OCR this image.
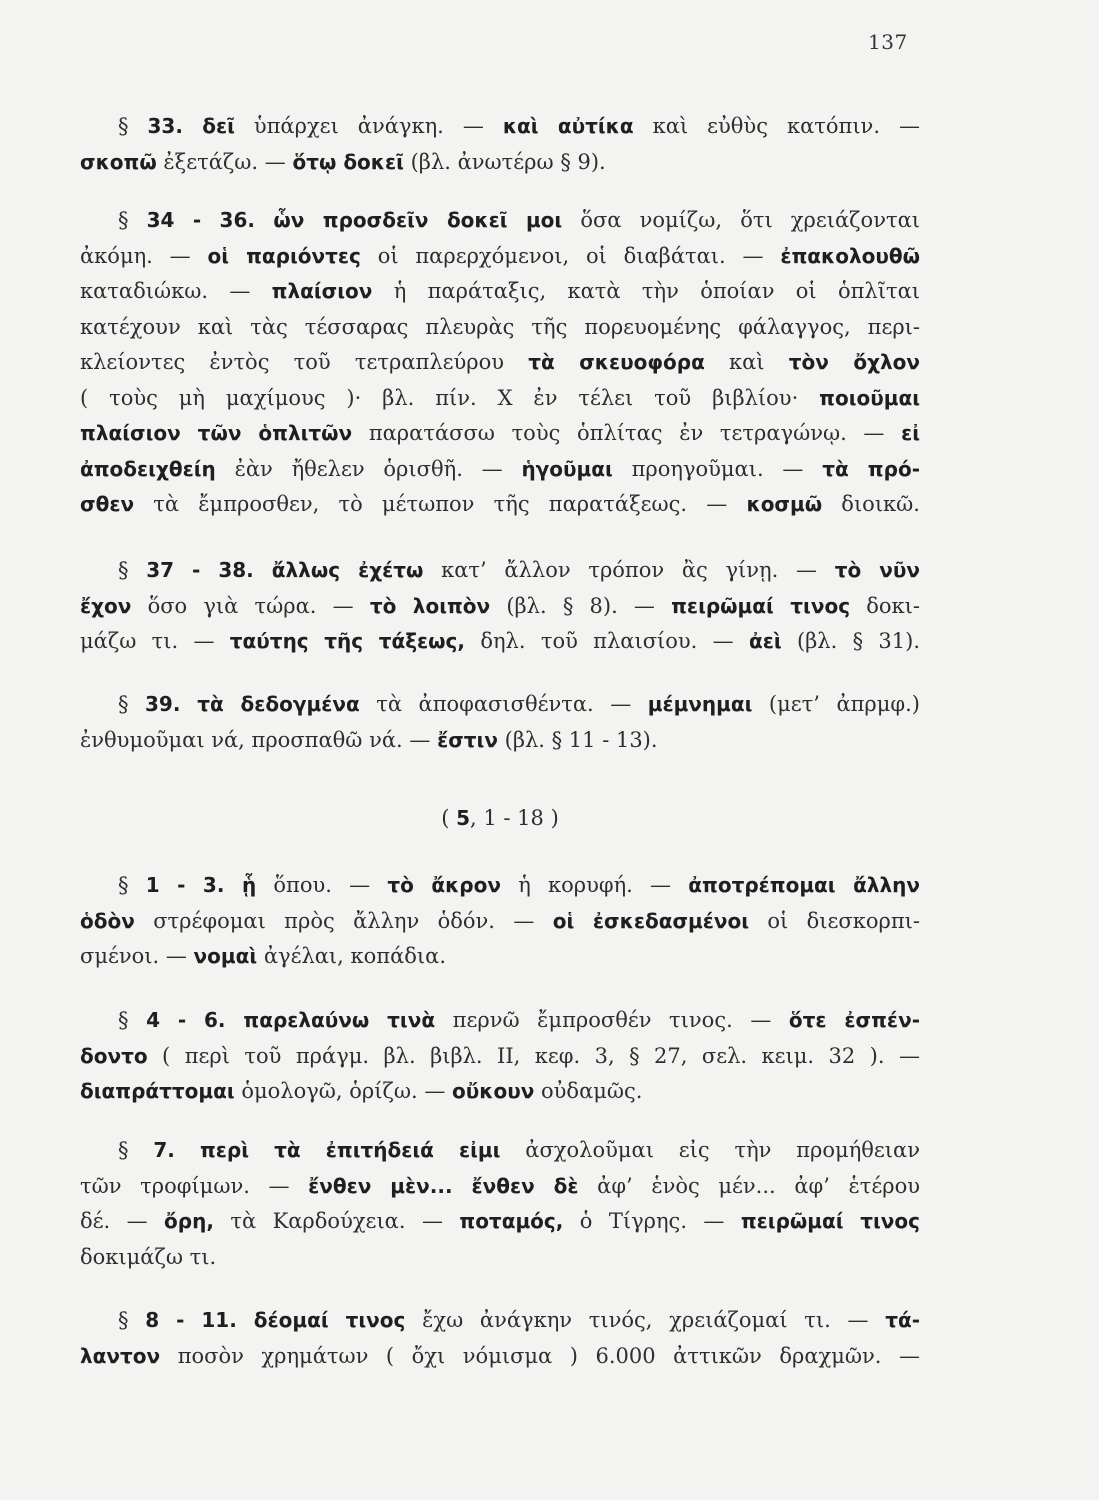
137
§ 33. δεῖ ὑπάρχει ἀνάγκη. — καὶ αὐτίκα καὶ εὐθὺς κατόπιν. —
σκοπῶ ἐξετάζω. — ὅτῳ δοκεῖ (βλ. ἀνωτέρω § 9).
§ 34 - 36. ὧν προσδεῖν δοκεῖ μοι ὅσα νομίζω, ὅτι χρειάζονται
ἀκόμη. — οἱ παριόντες οἱ παρερχόμενοι, οἱ διαβάται. — ἐπακολουθῶ
καταδιώκω. — πλαίσιον ἡ παράταξις, κατὰ τὴν ὁποίαν οἱ ὁπλῖται
κατέχουν καὶ τὰς τέσσαρας πλευρὰς τῆς πορευομένης φάλαγγος, περι-
κλείοντες ἐντὸς τοῦ τετραπλεύρου τὰ σκευοφόρα καὶ τὸν ὄχλον
( τοὺς μὴ μαχίμους )· βλ. πίν. X ἐν τέλει τοῦ βιβλίου· ποιοῦμαι
πλαίσιον τῶν ὁπλιτῶν παρατάσσω τοὺς ὁπλίτας ἐν τετραγώνῳ. — εἰ
ἀποδειχθείη ἐὰν ἤθελεν ὁρισθῆ. — ἡγοῦμαι προηγοῦμαι. — τὰ πρό-
σθεν τὰ ἔμπροσθεν, τὸ μέτωπον τῆς παρατάξεως. — κοσμῶ διοικῶ.
§ 37 - 38. ἄλλως ἐχέτω κατ’ ἄλλον τρόπον ἂς γίνῃ. — τὸ νῦν
ἔχον ὅσο γιὰ τώρα. — τὸ λοιπὸν (βλ. § 8). — πειρῶμαί τινος δοκι-
μάζω τι. — ταύτης τῆς τάξεως, δηλ. τοῦ πλαισίου. — ἀεὶ (βλ. § 31).
§ 39. τὰ δεδογμένα τὰ ἀποφασισθέντα. — μέμνημαι (μετ’ ἀπρμφ.)
ἐνθυμοῦμαι νά, προσπαθῶ νά. — ἔστιν (βλ. § 11 - 13).
( 5, 1 - 18 )
§ 1 - 3. ᾗ ὅπου. — τὸ ἄκρον ἡ κορυφή. — ἀποτρέπομαι ἄλλην
ὁδὸν στρέφομαι πρὸς ἄλλην ὁδόν. — οἱ ἐσκεδασμένοι οἱ διεσκορπι-
σμένοι. — νομαὶ ἀγέλαι, κοπάδια.
§ 4 - 6. παρελαύνω τινὰ περνῶ ἔμπροσθέν τινος. — ὅτε ἐσπέν-
δοντο ( περὶ τοῦ πράγμ. βλ. βιβλ. II, κεφ. 3, § 27, σελ. κειμ. 32 ). —
διαπράττομαι ὁμολογῶ, ὁρίζω. — οὔκουν οὐδαμῶς.
§ 7. περὶ τὰ ἐπιτήδειά εἰμι ἀσχολοῦμαι εἰς τὴν προμήθειαν
τῶν τροφίμων. — ἔνθεν μὲν... ἔνθεν δὲ ἀφ’ ἑνὸς μέν... ἀφ’ ἑτέρου
δέ. — ὄρη, τὰ Καρδούχεια. — ποταμός, ὁ Τίγρης. — πειρῶμαί τινος
δοκιμάζω τι.
§ 8 - 11. δέομαί τινος ἔχω ἀνάγκην τινός, χρειάζομαί τι. — τά-
λαντον ποσὸν χρημάτων ( ὄχι νόμισμα ) 6.000 ἀττικῶν δραχμῶν. —
